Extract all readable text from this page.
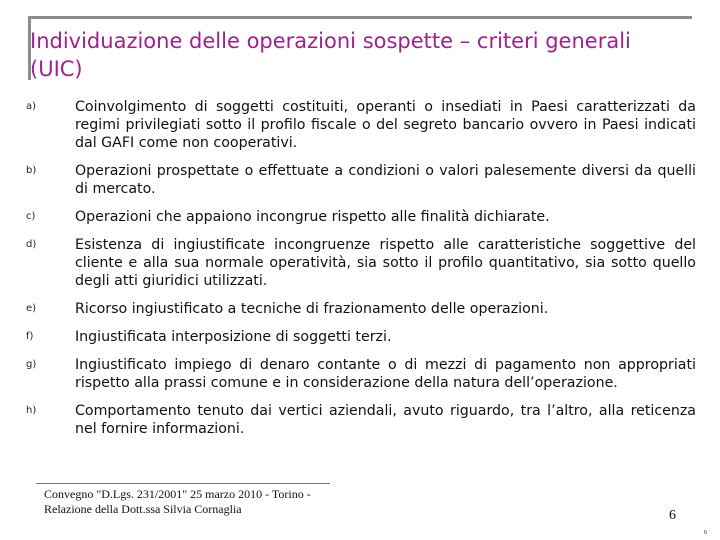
Individuazione delle operazioni sospette – criteri generali (UIC)
a)	Coinvolgimento di soggetti costituiti, operanti o insediati in Paesi caratterizzati da regimi privilegiati sotto il profilo fiscale o del segreto bancario ovvero in Paesi indicati dal GAFI come non cooperativi.
b)	Operazioni prospettate o effettuate a condizioni o valori palesemente diversi da quelli di mercato.
c)	Operazioni che appaiono incongrue rispetto alle finalità dichiarate.
d)	Esistenza di ingiustificate incongruenze rispetto alle caratteristiche soggettive del cliente e alla sua normale operatività, sia sotto il profilo quantitativo, sia sotto quello degli atti giuridici utilizzati.
e)	Ricorso ingiustificato a tecniche di frazionamento delle operazioni.
f)	Ingiustificata interposizione di soggetti terzi.
g)	Ingiustificato impiego di denaro contante o di mezzi di pagamento non appropriati rispetto alla prassi comune e in considerazione della natura dell’operazione.
h)	Comportamento tenuto dai vertici aziendali, avuto riguardo, tra l’altro, alla reticenza nel fornire informazioni.
Convegno "D.Lgs. 231/2001" 25 marzo 2010 - Torino -
Relazione della Dott.ssa Silvia Cornaglia	6
6
